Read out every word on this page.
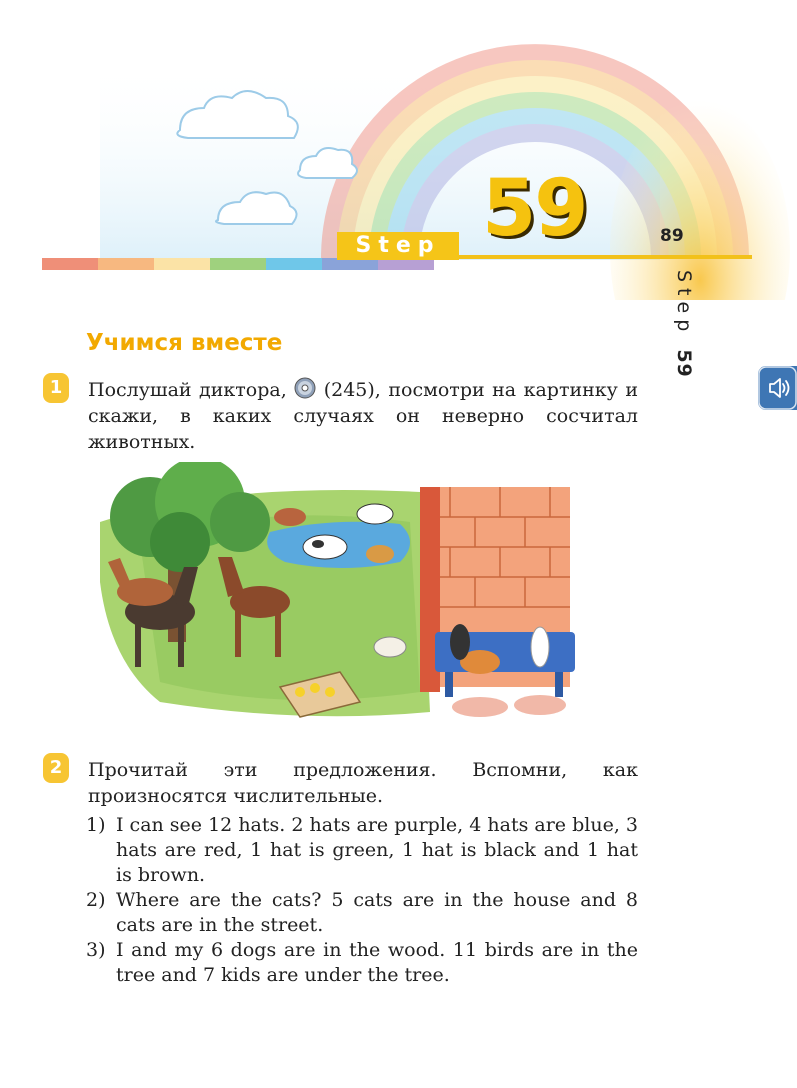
Step 59	89
Step 59
Учимся вместе
1	Послушай диктора, (245), посмотри на картинку и скажи, в каких случаях он неверно сосчитал животных.
2	Прочитай эти предложения. Вспомни, как произносятся числительные.
1) I can see 12 hats. 2 hats are purple, 4 hats are blue, 3 hats are red, 1 hat is green, 1 hat is black and 1 hat is brown.
2) Where are the cats? 5 cats are in the house and 8 cats are in the street.
3) I and my 6 dogs are in the wood. 11 birds are in the tree and 7 kids are under the tree.
